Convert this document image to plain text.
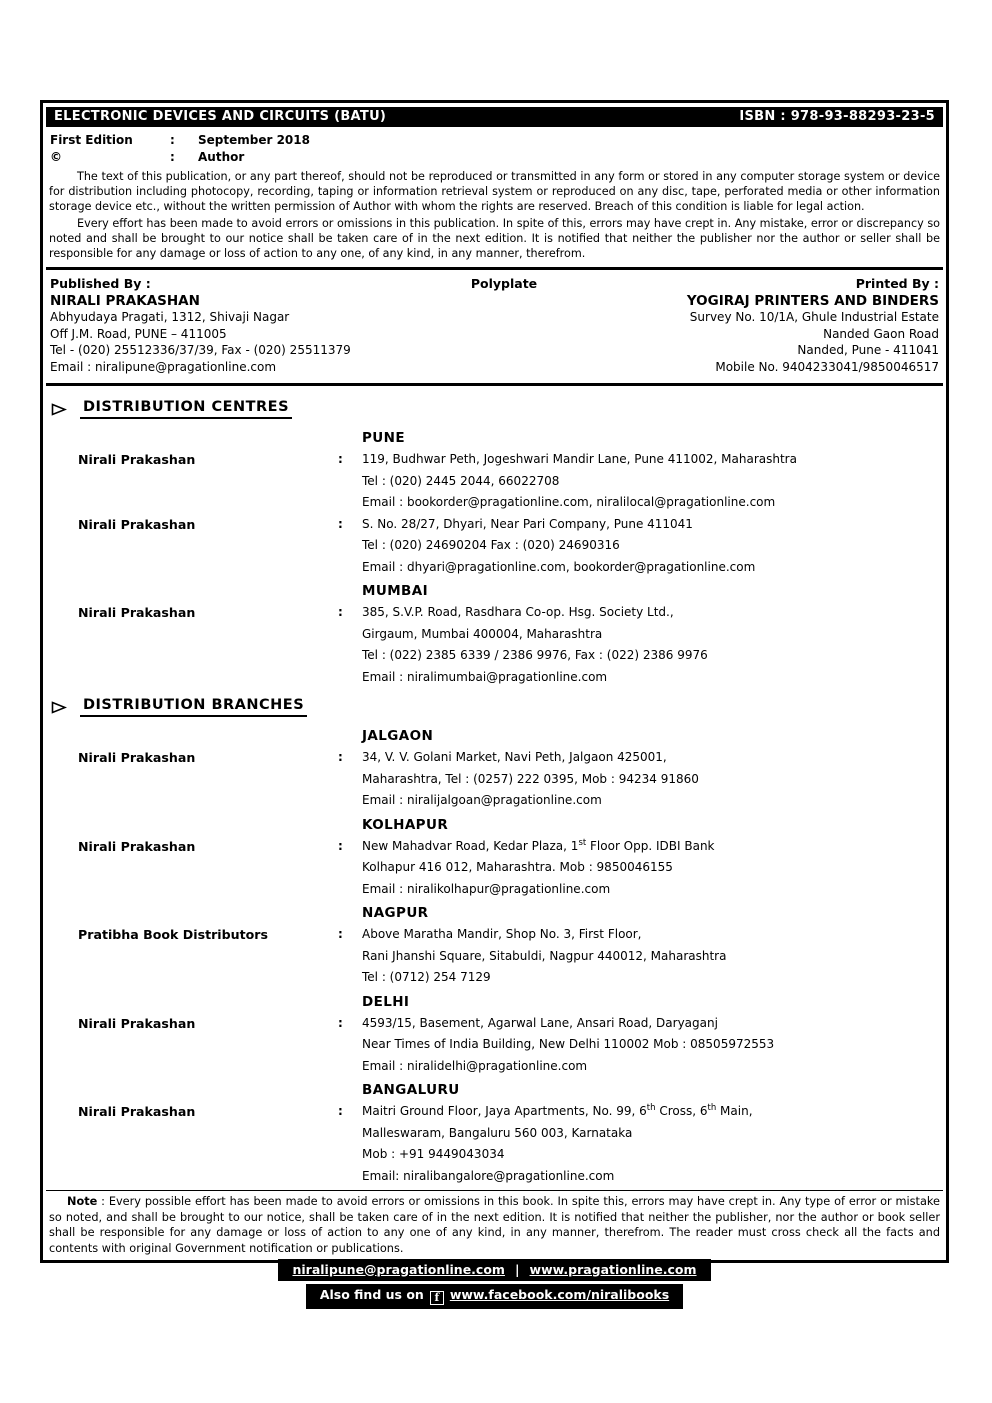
ELECTRONIC DEVICES AND CIRCUITS (BATU)	ISBN : 978-93-88293-23-5
First Edition	:	September 2018
©	:	Author

The text of this publication, or any part thereof, should not be reproduced or transmitted in any form or stored in any computer storage system or device for distribution including photocopy, recording, taping or information retrieval system or reproduced on any disc, tape, perforated media or other information storage device etc., without the written permission of Author with whom the rights are reserved. Breach of this condition is liable for legal action.

Every effort has been made to avoid errors or omissions in this publication. In spite of this, errors may have crept in. Any mistake, error or discrepancy so noted and shall be brought to our notice shall be taken care of in the next edition. It is notified that neither the publisher nor the author or seller shall be responsible for any damage or loss of action to any one, of any kind, in any manner, therefrom.

Published By :
NIRALI PRAKASHAN
Abhyudaya Pragati, 1312, Shivaji Nagar
Off J.M. Road, PUNE – 411005
Tel - (020) 25512336/37/39, Fax - (020) 25511379
Email : niralipune@pragationline.com
Polyplate	Printed By :
YOGIRAJ PRINTERS AND BINDERS
Survey No. 10/1A, Ghule Industrial Estate
Nanded Gaon Road
Nanded, Pune - 411041
Mobile No. 9404233041/9850046517
DISTRIBUTION CENTRES
PUNE
Nirali Prakashan	:	119, Budhwar Peth, Jogeshwari Mandir Lane, Pune 411002, Maharashtra
Tel : (020) 2445 2044, 66022708
Email : bookorder@pragationline.com, niralilocal@pragationline.com
Nirali Prakashan	:	S. No. 28/27, Dhyari, Near Pari Company, Pune 411041
Tel : (020) 24690204 Fax : (020) 24690316
Email : dhyari@pragationline.com, bookorder@pragationline.com
MUMBAI
Nirali Prakashan	:	385, S.V.P. Road, Rasdhara Co-op. Hsg. Society Ltd.,
Girgaum, Mumbai 400004, Maharashtra
Tel : (022) 2385 6339 / 2386 9976, Fax : (022) 2386 9976
Email : niralimumbai@pragationline.com
DISTRIBUTION BRANCHES
JALGAON
Nirali Prakashan	:	34, V. V. Golani Market, Navi Peth, Jalgaon 425001,
Maharashtra, Tel : (0257) 222 0395, Mob : 94234 91860
Email : niralijalgoan@pragationline.com
KOLHAPUR
Nirali Prakashan	:	New Mahadvar Road, Kedar Plaza, 1st Floor Opp. IDBI Bank
Kolhapur 416 012, Maharashtra. Mob : 9850046155
Email : niralikolhapur@pragationline.com
NAGPUR
Pratibha Book Distributors	:	Above Maratha Mandir, Shop No. 3, First Floor,
Rani Jhanshi Square, Sitabuldi, Nagpur 440012, Maharashtra
Tel : (0712) 254 7129
DELHI
Nirali Prakashan	:	4593/15, Basement, Agarwal Lane, Ansari Road, Daryaganj
Near Times of India Building, New Delhi 110002 Mob : 08505972553
Email : niralidelhi@pragationline.com
BANGALURU
Nirali Prakashan	:	Maitri Ground Floor, Jaya Apartments, No. 99, 6th Cross, 6th Main,
Malleswaram, Bangaluru 560 003, Karnataka
Mob : +91 9449043034
Email: niralibangalore@pragationline.com

Note : Every possible effort has been made to avoid errors or omissions in this book. In spite this, errors may have crept in. Any type of error or mistake so noted, and shall be brought to our notice, shall be taken care of in the next edition. It is notified that neither the publisher, nor the author or book seller shall be responsible for any damage or loss of action to any one of any kind, in any manner, therefrom. The reader must cross check all the facts and contents with original Government notification or publications.

niralipune@pragationline.com | www.pragationline.com
Also find us on f www.facebook.com/niralibooks
